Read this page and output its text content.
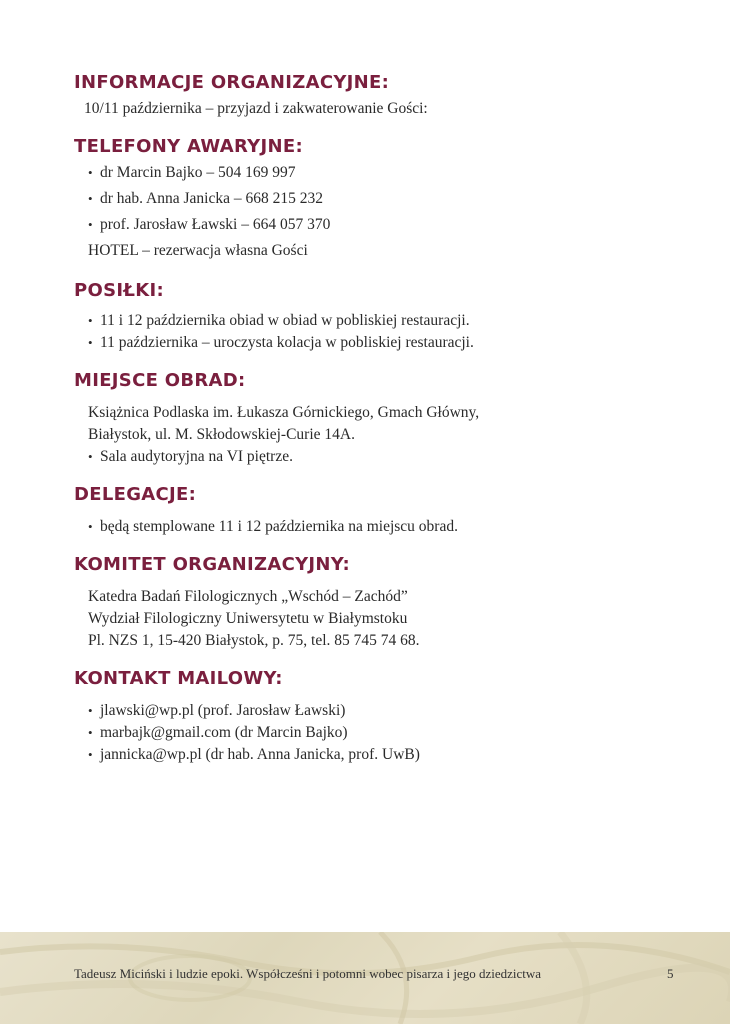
INFORMACJE ORGANIZACYJNE:

10/11 października – przyjazd i zakwaterowanie Gości:

TELEFONY AWARYJNE:

• dr Marcin Bajko – 504 169 997

• dr hab. Anna Janicka – 668 215 232

• prof. Jarosław Ławski – 664 057 370

HOTEL – rezerwacja własna Gości

POSIŁKI:

• 11 i 12 października obiad w obiad w pobliskiej restauracji.

• 11 października – uroczysta kolacja w pobliskiej restauracji.

MIEJSCE OBRAD:

Książnica Podlaska im. Łukasza Górnickiego, Gmach Główny,

Białystok, ul. M. Skłodowskiej-Curie 14A.

• Sala audytoryjna na VI piętrze.

DELEGACJE:

• będą stemplowane 11 i 12 października na miejscu obrad.

KOMITET ORGANIZACYJNY:

Katedra Badań Filologicznych „Wschód – Zachód”

Wydział Filologiczny Uniwersytetu w Białymstoku

Pl. NZS 1, 15-420 Białystok, p. 75, tel. 85 745 74 68.

KONTAKT MAILOWY:

• jlawski@wp.pl (prof. Jarosław Ławski)

• marbajk@gmail.com (dr Marcin Bajko)

• jannicka@wp.pl (dr hab. Anna Janicka, prof. UwB)

Tadeusz Miciński i ludzie epoki. Współcześni i potomni wobec pisarza i jego dziedzictwa	5
